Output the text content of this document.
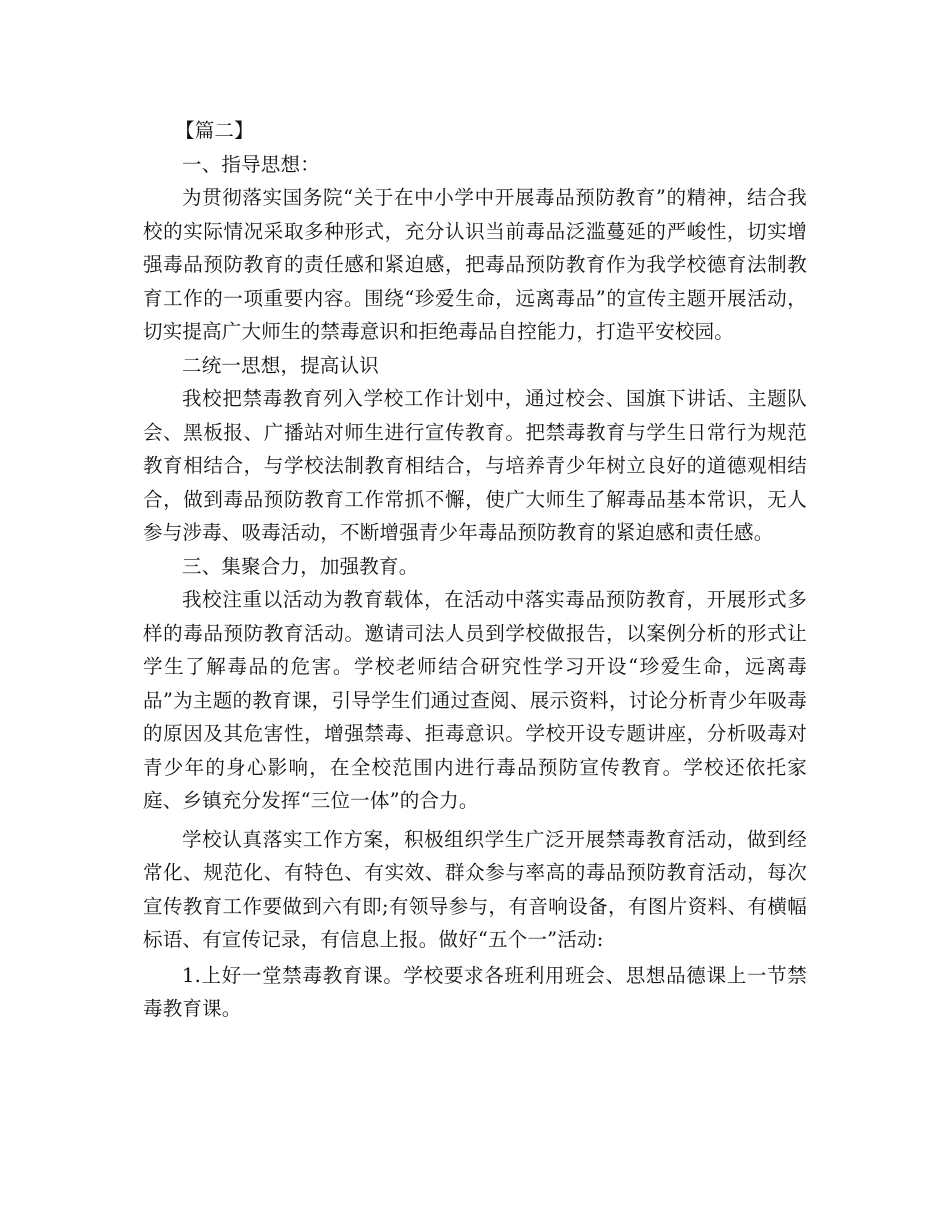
【篇二】

一、指导思想：

为贯彻落实国务院“关于在中小学中开展毒品预防教育”的精神，结合我校的实际情况采取多种形式，充分认识当前毒品泛滥蔓延的严峻性，切实增强毒品预防教育的责任感和紧迫感，把毒品预防教育作为我学校德育法制教育工作的一项重要内容。围绕“珍爱生命，远离毒品”的宣传主题开展活动，切实提高广大师生的禁毒意识和拒绝毒品自控能力，打造平安校园。

二统一思想，提高认识

我校把禁毒教育列入学校工作计划中，通过校会、国旗下讲话、主题队会、黑板报、广播站对师生进行宣传教育。把禁毒教育与学生日常行为规范教育相结合，与学校法制教育相结合，与培养青少年树立良好的道德观相结合，做到毒品预防教育工作常抓不懈，使广大师生了解毒品基本常识，无人参与涉毒、吸毒活动，不断增强青少年毒品预防教育的紧迫感和责任感。

三、集聚合力，加强教育。

我校注重以活动为教育载体，在活动中落实毒品预防教育，开展形式多样的毒品预防教育活动。邀请司法人员到学校做报告，以案例分析的形式让学生了解毒品的危害。学校老师结合研究性学习开设“珍爱生命，远离毒品”为主题的教育课，引导学生们通过查阅、展示资料，讨论分析青少年吸毒的原因及其危害性，增强禁毒、拒毒意识。学校开设专题讲座，分析吸毒对青少年的身心影响，在全校范围内进行毒品预防宣传教育。学校还依托家庭、乡镇充分发挥“三位一体”的合力。

学校认真落实工作方案，积极组织学生广泛开展禁毒教育活动，做到经常化、规范化、有特色、有实效、群众参与率高的毒品预防教育活动，每次宣传教育工作要做到六有即;有领导参与，有音响设备，有图片资料、有横幅标语、有宣传记录，有信息上报。做好“五个一”活动:

1.上好一堂禁毒教育课。学校要求各班利用班会、思想品德课上一节禁毒教育课。
